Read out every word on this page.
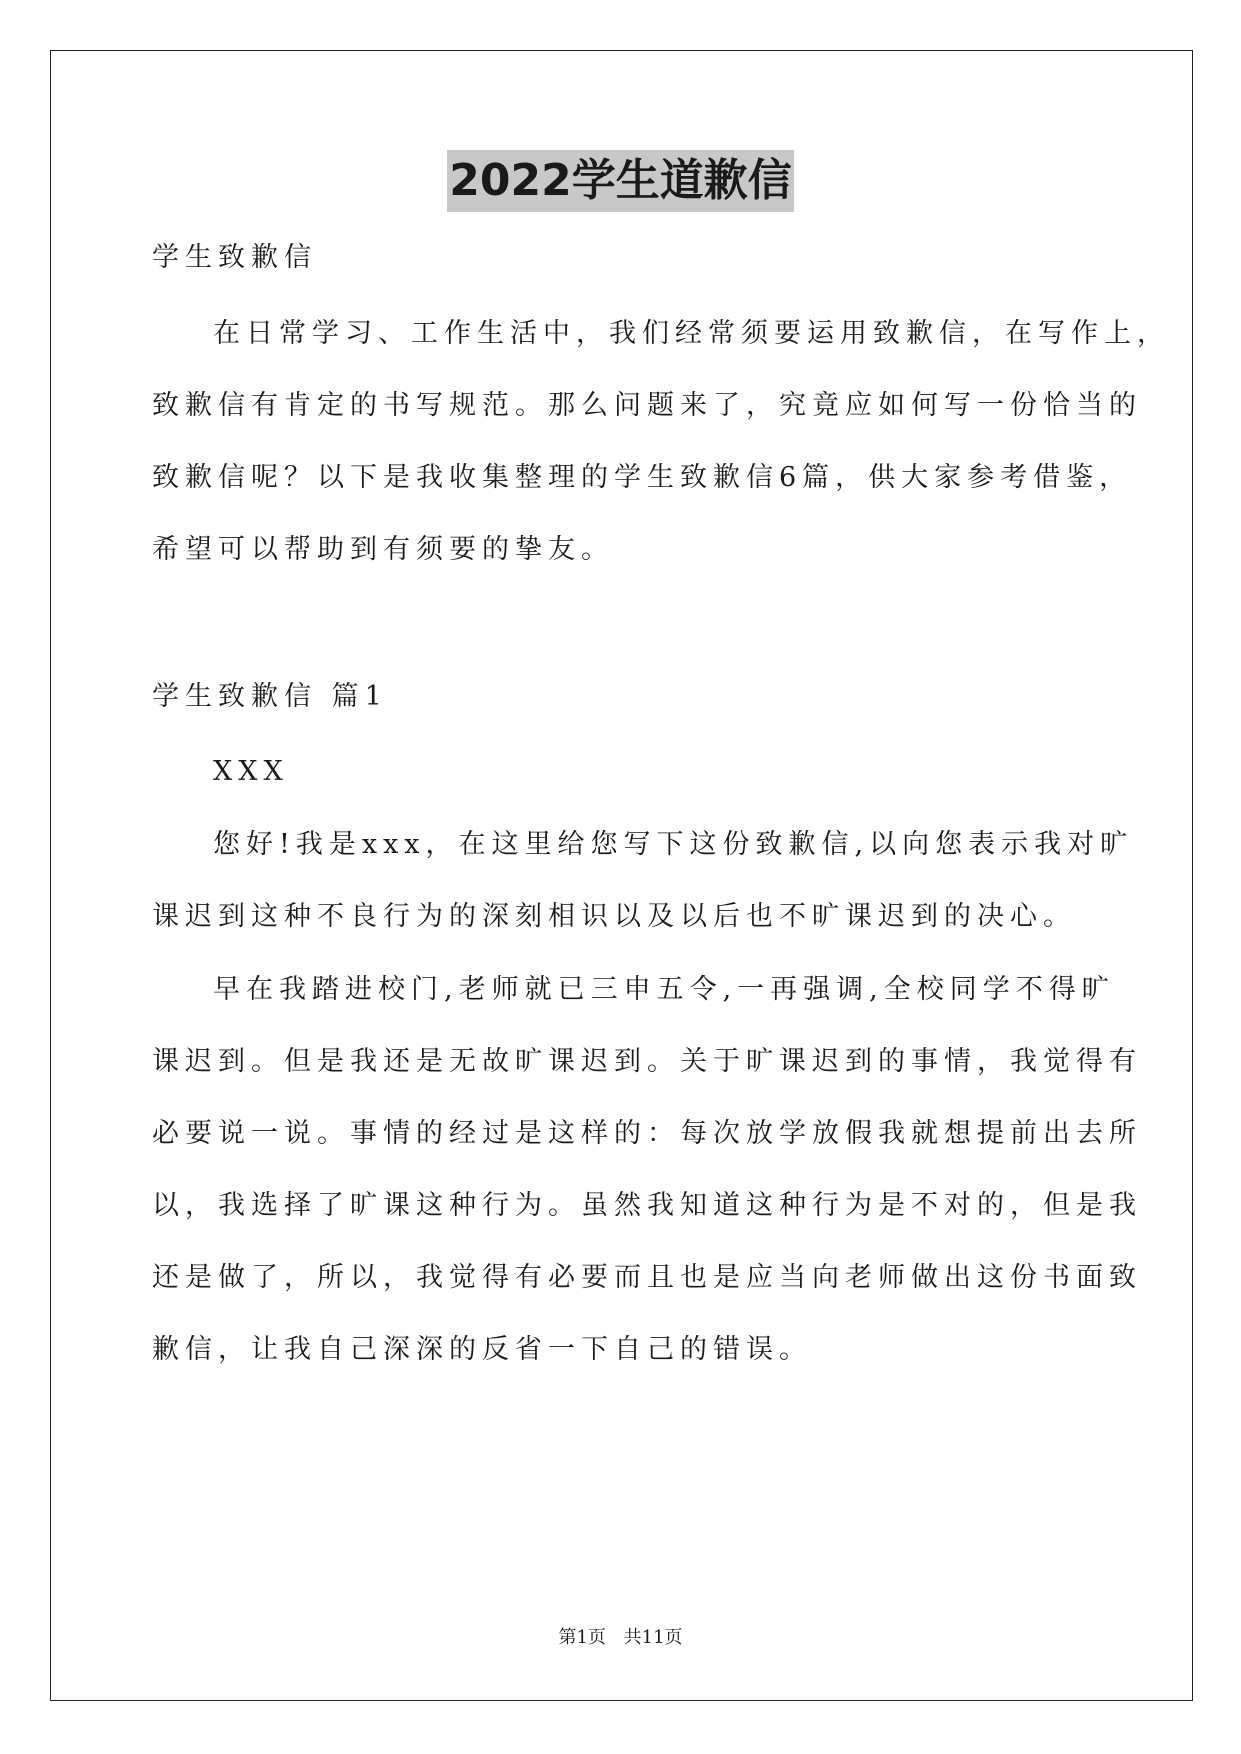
2022学生道歉信
学生致歉信
在日常学习、工作生活中，我们经常须要运用致歉信，在写作上，
致歉信有肯定的书写规范。那么问题来了，究竟应如何写一份恰当的
致歉信呢？以下是我收集整理的学生致歉信6篇，供大家参考借鉴，
希望可以帮助到有须要的挚友。
学生致歉信 篇1
XXX
您好!我是xxx，在这里给您写下这份致歉信,以向您表示我对旷
课迟到这种不良行为的深刻相识以及以后也不旷课迟到的决心。
早在我踏进校门,老师就已三申五令,一再强调,全校同学不得旷
课迟到。但是我还是无故旷课迟到。关于旷课迟到的事情，我觉得有
必要说一说。事情的经过是这样的：每次放学放假我就想提前出去所
以，我选择了旷课这种行为。虽然我知道这种行为是不对的，但是我
还是做了，所以，我觉得有必要而且也是应当向老师做出这份书面致
歉信，让我自己深深的反省一下自己的错误。
第1页 共11页
